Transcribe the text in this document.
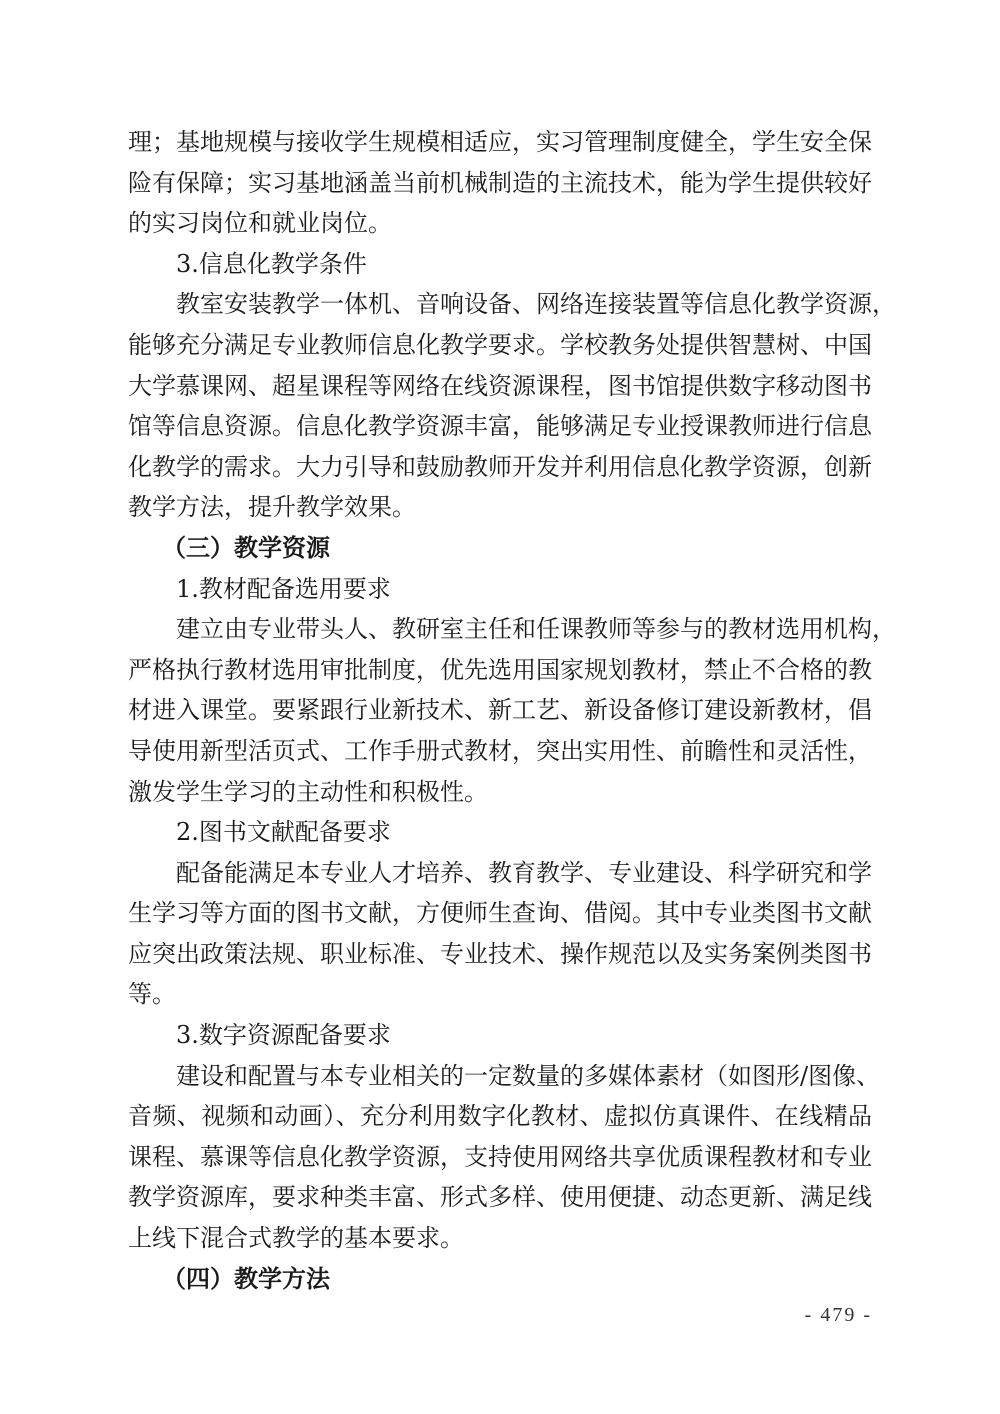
理；基地规模与接收学生规模相适应，实习管理制度健全，学生安全保

险有保障；实习基地涵盖当前机械制造的主流技术，能为学生提供较好

的实习岗位和就业岗位。

3.信息化教学条件

教室安装教学一体机、音响设备、网络连接装置等信息化教学资源，

能够充分满足专业教师信息化教学要求。学校教务处提供智慧树、中国

大学慕课网、超星课程等网络在线资源课程，图书馆提供数字移动图书

馆等信息资源。信息化教学资源丰富，能够满足专业授课教师进行信息

化教学的需求。大力引导和鼓励教师开发并利用信息化教学资源，创新

教学方法，提升教学效果。

（三）教学资源

1.教材配备选用要求

建立由专业带头人、教研室主任和任课教师等参与的教材选用机构，

严格执行教材选用审批制度，优先选用国家规划教材，禁止不合格的教

材进入课堂。要紧跟行业新技术、新工艺、新设备修订建设新教材，倡

导使用新型活页式、工作手册式教材，突出实用性、前瞻性和灵活性，

激发学生学习的主动性和积极性。

2.图书文献配备要求

配备能满足本专业人才培养、教育教学、专业建设、科学研究和学

生学习等方面的图书文献，方便师生查询、借阅。其中专业类图书文献

应突出政策法规、职业标准、专业技术、操作规范以及实务案例类图书

等。

3.数字资源配备要求

建设和配置与本专业相关的一定数量的多媒体素材（如图形/图像、

音频、视频和动画）、充分利用数字化教材、虚拟仿真课件、在线精品

课程、慕课等信息化教学资源，支持使用网络共享优质课程教材和专业

教学资源库，要求种类丰富、形式多样、使用便捷、动态更新、满足线

上线下混合式教学的基本要求。

（四）教学方法

- 479 -
